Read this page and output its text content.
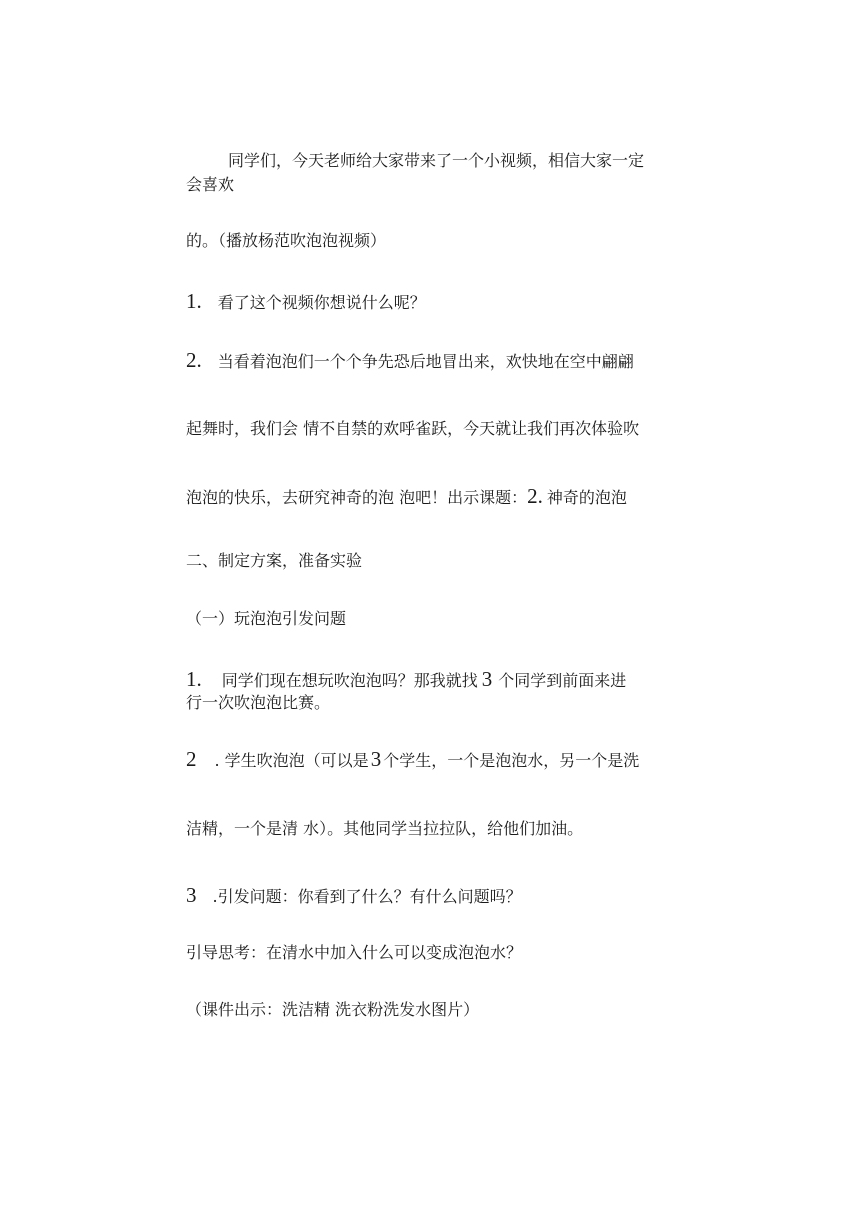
同学们，今天老师给大家带来了一个小视频，相信大家一定
会喜欢
的。（播放杨范吹泡泡视频）
1. 看了这个视频你想说什么呢？
2. 当看着泡泡们一个个争先恐后地冒出来，欢快地在空中翩翩
起舞时，我们会 情不自禁的欢呼雀跃，今天就让我们再次体验吹
泡泡的快乐，去研究神奇的泡 泡吧！出示课题：2. 神奇的泡泡
二、制定方案，准备实验
（一）玩泡泡引发问题
1. 同学们现在想玩吹泡泡吗？那我就找 3 个同学到前面来进
行一次吹泡泡比赛。
2 . 学生吹泡泡（可以是3 个学生，一个是泡泡水，另一个是洗
洁精，一个是清 水）。其他同学当拉拉队，给他们加油。
3 .引发问题：你看到了什么？有什么问题吗？
引导思考：在清水中加入什么可以变成泡泡水？
（课件出示：洗洁精 洗衣粉洗发水图片）
